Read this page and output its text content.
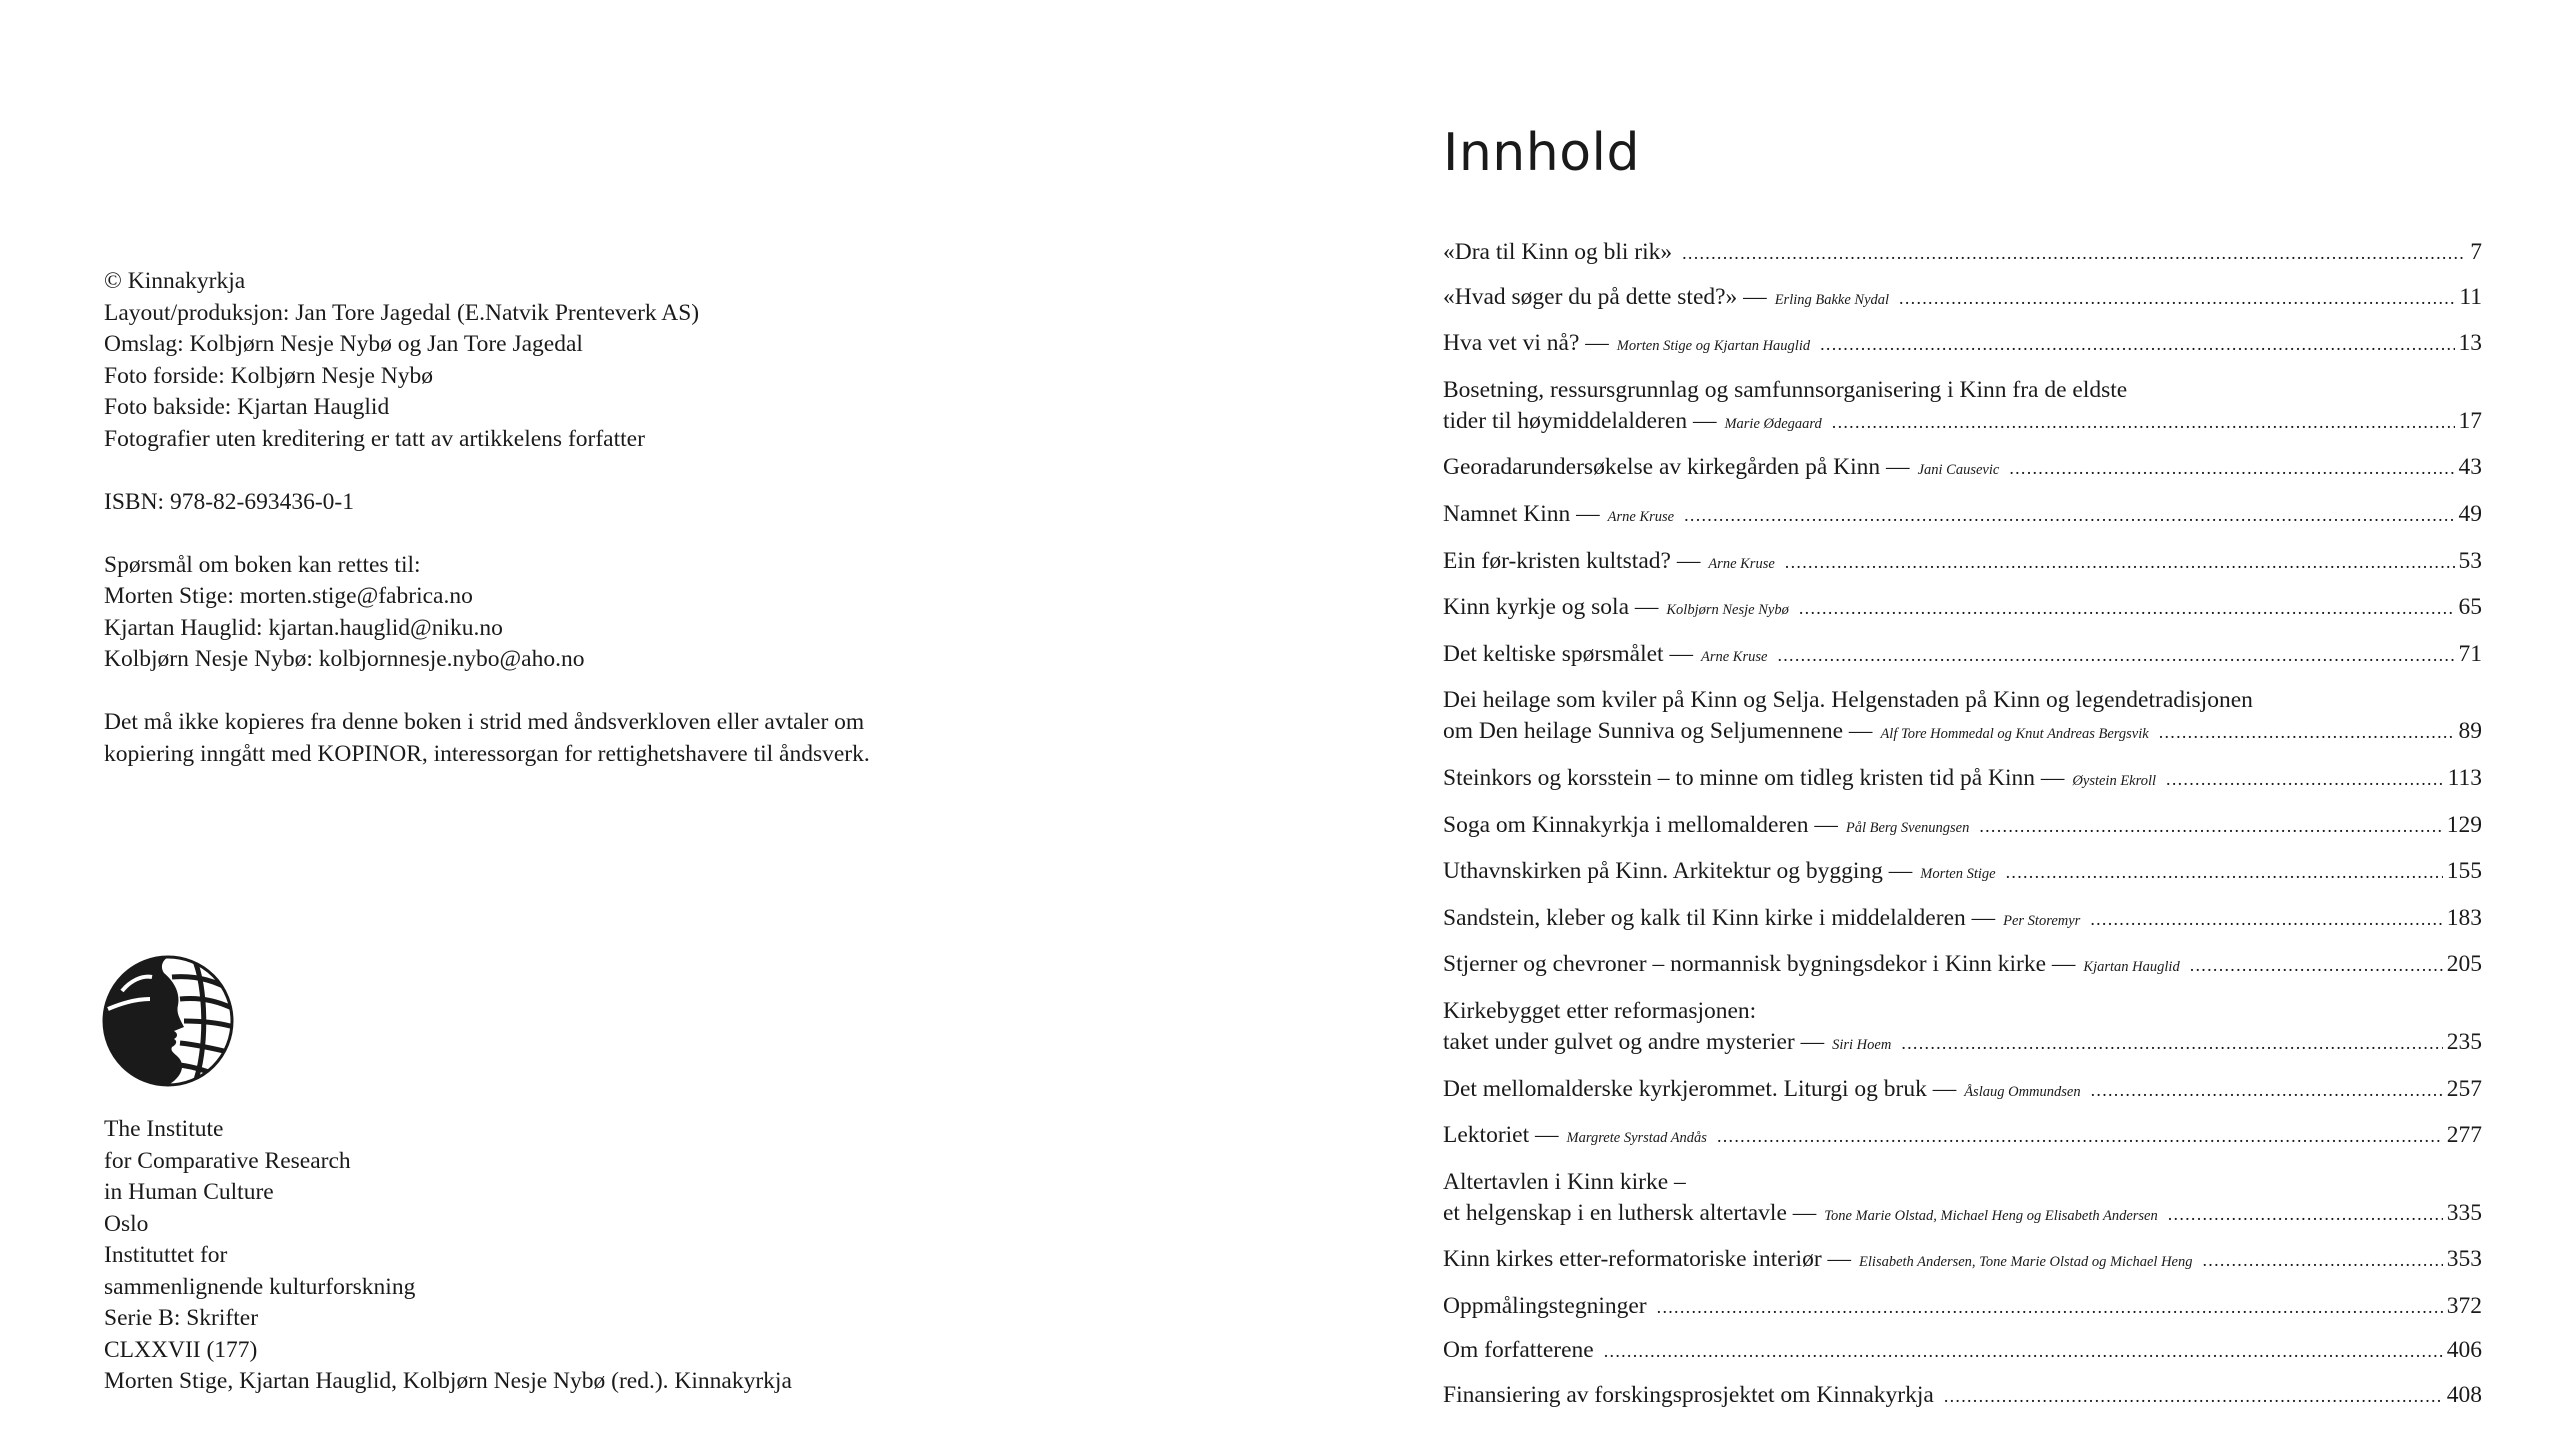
© Kinnakyrkja
Layout/produksjon: Jan Tore Jagedal (E.Natvik Prenteverk AS)
Omslag: Kolbjørn Nesje Nybø og Jan Tore Jagedal
Foto forside: Kolbjørn Nesje Nybø
Foto bakside: Kjartan Hauglid
Fotografier uten kreditering er tatt av artikkelens forfatter
ISBN: 978-82-693436-0-1
Spørsmål om boken kan rettes til:
Morten Stige: morten.stige@fabrica.no
Kjartan Hauglid: kjartan.hauglid@niku.no
Kolbjørn Nesje Nybø: kolbjornnesje.nybo@aho.no
Det må ikke kopieres fra denne boken i strid med åndsverkloven eller avtaler om
kopiering inngått med KOPINOR, interessorgan for rettighetshavere til åndsverk.
The Institute
for Comparative Research
in Human Culture
Oslo
Instituttet for
sammenlignende kulturforskning
Serie B: Skrifter
CLXXVII (177)
Morten Stige, Kjartan Hauglid, Kolbjørn Nesje Nybø (red.). Kinnakyrkja
Innhold
«Dra til Kinn og bli rik» .....	7
«Hvad søger du på dette sted?» — Erling Bakke Nydal .....	11
Hva vet vi nå? — Morten Stige og Kjartan Hauglid .....	13
Bosetning, ressursgrunnlag og samfunnsorganisering i Kinn fra de eldste
tider til høymiddelalderen — Marie Ødegaard .....	17
Georadarundersøkelse av kirkegården på Kinn — Jani Causevic .....	43
Namnet Kinn — Arne Kruse .....	49
Ein før-kristen kultstad? — Arne Kruse .....	53
Kinn kyrkje og sola — Kolbjørn Nesje Nybø .....	65
Det keltiske spørsmålet — Arne Kruse .....	71
Dei heilage som kviler på Kinn og Selja. Helgenstaden på Kinn og legendetradisjonen
om Den heilage Sunniva og Seljumennene — Alf Tore Hommedal og Knut Andreas Bergsvik .....	89
Steinkors og korsstein – to minne om tidleg kristen tid på Kinn — Øystein Ekroll .....	113
Soga om Kinnakyrkja i mellomalderen — Pål Berg Svenungsen .....	129
Uthavnskirken på Kinn. Arkitektur og bygging — Morten Stige .....	155
Sandstein, kleber og kalk til Kinn kirke i middelalderen — Per Storemyr .....	183
Stjerner og chevroner – normannisk bygningsdekor i Kinn kirke — Kjartan Hauglid .....	205
Kirkebygget etter reformasjonen:
taket under gulvet og andre mysterier — Siri Hoem .....	235
Det mellomalderske kyrkjerommet. Liturgi og bruk — Åslaug Ommundsen .....	257
Lektoriet — Margrete Syrstad Andås .....	277
Altertavlen i Kinn kirke –
et helgenskap i en luthersk altertavle — Tone Marie Olstad, Michael Heng og Elisabeth Andersen .....	335
Kinn kirkes etter-reformatoriske interiør — Elisabeth Andersen, Tone Marie Olstad og Michael Heng .....	353
Oppmålingstegninger .....	372
Om forfatterene .....	406
Finansiering av forskingsprosjektet om Kinnakyrkja .....	408
